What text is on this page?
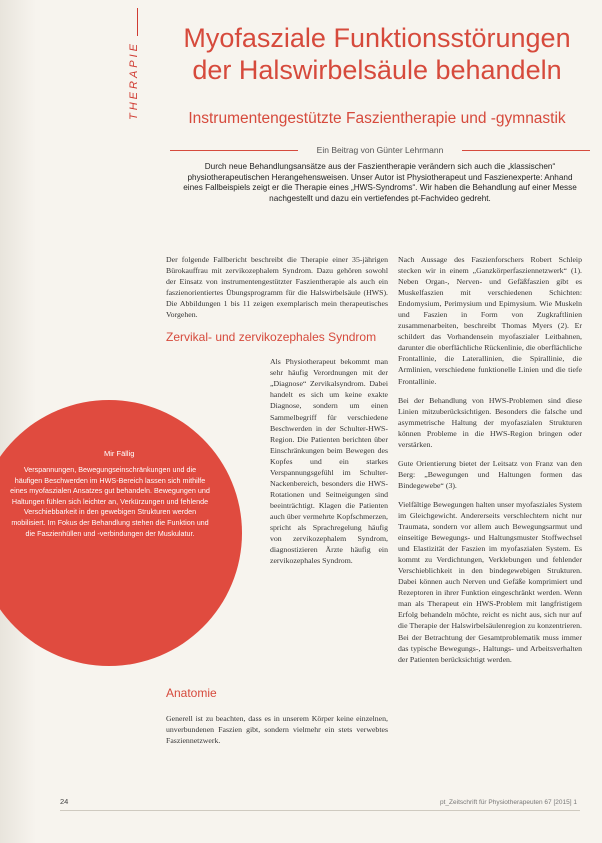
THERAPIE
Myofasziale Funktionsstörungen
der Halswirbelsäule behandeln
Instrumentengestützte Faszientherapie und -gymnastik
Ein Beitrag von Günter Lehrmann

Durch neue Behandlungsansätze aus der Faszientherapie verändern sich auch die „klassischen“ physiotherapeutischen Herangehensweisen. Unser Autor ist Physiotherapeut und Faszienexperte: Anhand eines Fallbeispiels zeigt er die Therapie eines „HWS-Syndroms“. Wir haben die Behandlung auf einer Messe nachgestellt und dazu ein vertiefendes pt-Fachvideo gedreht.

Der folgende Fallbericht beschreibt die Therapie einer 35-jährigen Bürokauffrau mit zervikozephalem Syndrom. Dazu gehören sowohl der Einsatz von instrumentengestützter Faszientherapie als auch ein faszienorientiertes Übungsprogramm für die Halswirbelsäule (HWS). Die Abbildungen 1 bis 11 zeigen exemplarisch mein therapeutisches Vorgehen.

Zervikal- und zervikozephales Syndrom

Als Physiotherapeut bekommt man sehr häufig Verordnungen mit der „Diagnose“ Zervikalsyndrom. Dabei handelt es sich um keine exakte Diagnose, sondern um einen Sammelbegriff für verschiedene Beschwerden in der Schulter-HWS-Region. Die Patienten berichten über Einschränkungen beim Bewegen des Kopfes und ein starkes Verspannungsgefühl im Schulter-Nackenbereich, besonders die HWS-Rotationen und Seitneigungen sind beeinträchtigt. Klagen die Patienten auch über vermehrte Kopfschmerzen, spricht als Sprachregelung häufig von zervikozephalem Syndrom, diagnostizieren Ärzte häufig ein zervikozephales Syndrom.

Anatomie

Generell ist zu beachten, dass es in unserem Körper keine einzelnen, unverbundenen Faszien gibt, sondern vielmehr ein stets verwebtes Fasziennetzwerk.

Mir Fällig
Verspannungen, Bewegungseinschränkungen und die häufigen Beschwerden im HWS-Bereich lassen sich mithilfe eines myofaszialen Ansatzes gut behandeln. Bewegungen und Haltungen fühlen sich leichter an, Verkürzungen und fehlende Verschiebbarkeit in den gewebigen Strukturen werden mobilisiert. Im Fokus der Behandlung stehen die Funktion und die Faszienhüllen und -verbindungen der Muskulatur.

Nach Aussage des Faszienforschers Robert Schleip stecken wir in einem „Ganzkörperfasziennetzwerk“ (1). Neben Organ-, Nerven- und Gefäßfaszien gibt es Muskelfaszien mit verschiedenen Schichten: Endomysium, Perimysium und Epimysium. Wie Muskeln und Faszien in Form von Zugkraftlinien zusammenarbeiten, beschreibt Thomas Myers (2). Er schildert das Vorhandensein myofaszialer Leitbahnen, darunter die oberflächliche Rückenlinie, die oberflächliche Frontallinie, die Laterallinien, die Spirallinie, die Armlinien, verschiedene funktionelle Linien und die tiefe Frontallinie.

Bei der Behandlung von HWS-Problemen sind diese Linien mitzuberücksichtigen. Besonders die falsche und asymmetrische Haltung der myofaszialen Strukturen können Probleme in die HWS-Region bringen oder verstärken.

Gute Orientierung bietet der Leitsatz von Franz van den Berg: „Bewegungen und Haltungen formen das Bindegewebe“ (3).

Vielfältige Bewegungen halten unser myofasziales System im Gleichgewicht. Andererseits verschlechtern nicht nur Traumata, sondern vor allem auch Bewegungsarmut und einseitige Bewegungs- und Haltungsmuster Stoffwechsel und Elastizität der Faszien im myofaszialen System. Es kommt zu Verdichtungen, Verklebungen und fehlender Verschieblichkeit in den bindegewebigen Strukturen. Dabei können auch Nerven und Gefäße komprimiert und Rezeptoren in ihrer Funktion eingeschränkt werden. Wenn man als Therapeut ein HWS-Problem mit langfristigem Erfolg behandeln möchte, reicht es nicht aus, sich nur auf die Therapie der Halswirbelsäulenregion zu konzentrieren. Bei der Betrachtung der Gesamtproblematik muss immer das typische Bewegungs-, Haltungs- und Arbeitsverhalten der Patienten berücksichtigt werden.

24	pt_Zeitschrift für Physiotherapeuten 67 [2015] 1
